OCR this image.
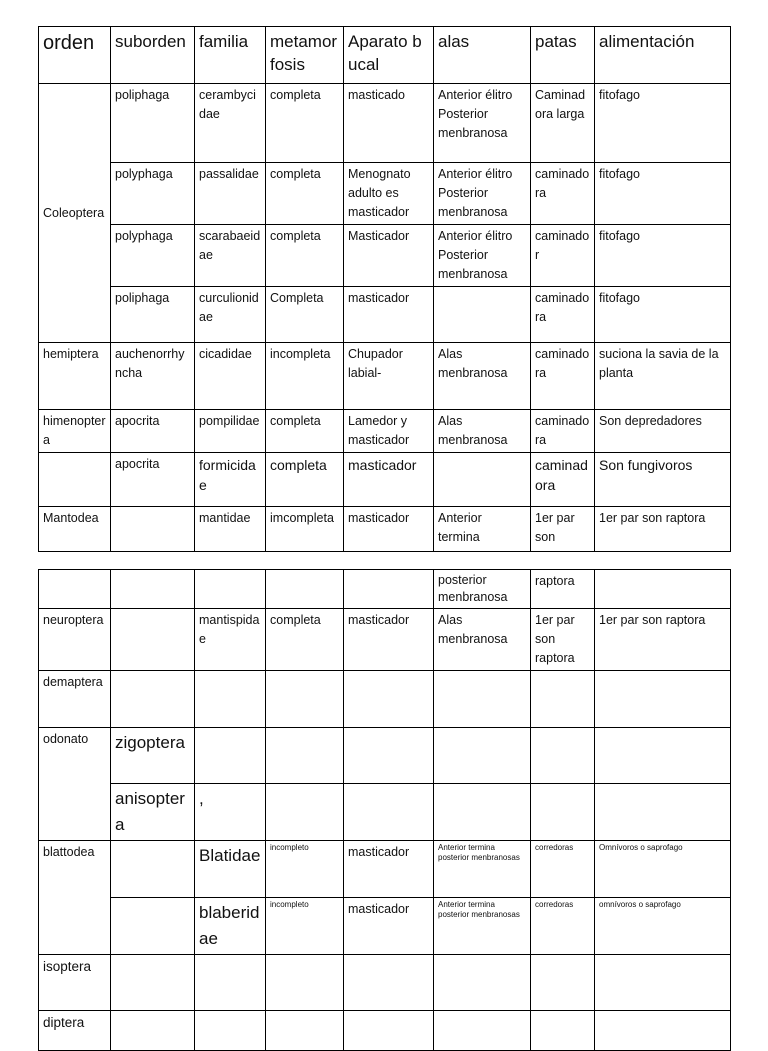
orden	suborden	familia	metamorfosis	Aparato bucal	alas	patas	alimentación
Coleoptera	poliphaga	cerambycidae	completa	masticado	Anterior élitro Posterior menbranosa	Caminadora larga	fitofago
	polyphaga	passalidae	completa	Menognato adulto es masticador	Anterior élitro Posterior menbranosa	caminadora	fitofago
	polyphaga	scarabaeidae	completa	Masticador	Anterior élitro Posterior menbranosa	caminador	fitofago
	poliphaga	curculionidae	Completa	masticador		caminadora	fitofago
hemiptera	auchenorrhyncha	cicadidae	incompleta	Chupador labial-	Alas menbranosa	caminadora	suciona la savia de la planta
himenoptera	apocrita	pompilidae	completa	Lamedor y masticador	Alas menbranosa	caminadora	Son depredadores
	apocrita	formicidae	completa	masticador		caminadora	Son fungivoros
Mantodea		mantidae	imcompleta	masticador	Anterior termina	1er par son	1er par son raptora
					posterior menbranosa	raptora	
neuroptera		mantispidae	completa	masticador	Alas menbranosa	1er par son raptora	1er par son raptora
demaptera							
odonato	zigoptera						
	anisoptera	,					
blattodea		Blatidae	incompleto	masticador	Anterior termina posterior menbranosas	corredoras	Omnívoros o saprofago
		blaberidae	incompleto	masticador	Anterior termina posterior menbranosas	corredoras	omnívoros o saprofago
isoptera							
diptera							
